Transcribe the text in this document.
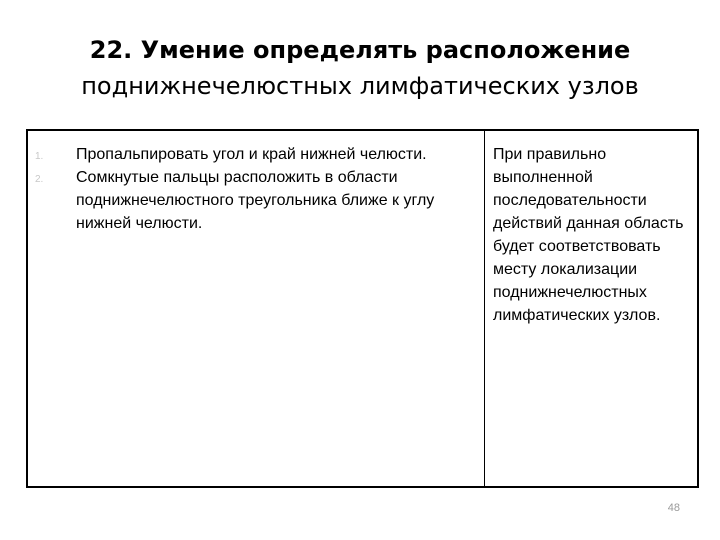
22. Умение определять расположение
поднижнечелюстных лимфатических узлов
1. Пропальпировать угол и край нижней челюсти.
2. Сомкнутые пальцы расположить в области поднижнечелюстного треугольника ближе к углу нижней челюсти.
При правильно выполненной последовательности действий данная область будет соответствовать месту локализации поднижнечелюстных лимфатических узлов.
48
